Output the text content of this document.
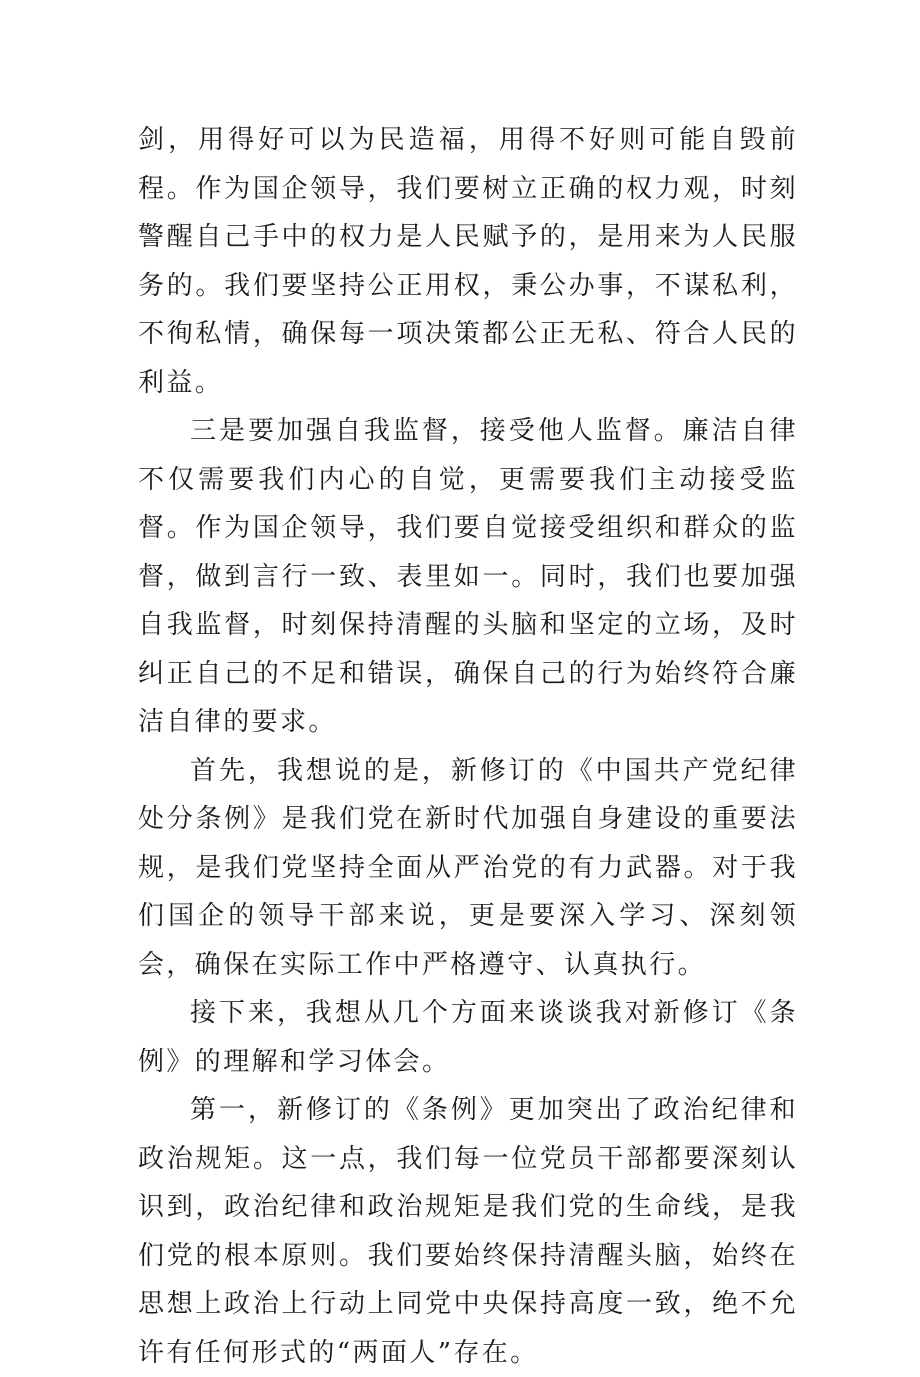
剑，用得好可以为民造福，用得不好则可能自毁前程。作为国企领导，我们要树立正确的权力观，时刻警醒自己手中的权力是人民赋予的，是用来为人民服务的。我们要坚持公正用权，秉公办事，不谋私利，不徇私情，确保每一项决策都公正无私、符合人民的利益。

三是要加强自我监督，接受他人监督。廉洁自律不仅需要我们内心的自觉，更需要我们主动接受监督。作为国企领导，我们要自觉接受组织和群众的监督，做到言行一致、表里如一。同时，我们也要加强自我监督，时刻保持清醒的头脑和坚定的立场，及时纠正自己的不足和错误，确保自己的行为始终符合廉洁自律的要求。

首先，我想说的是，新修订的《中国共产党纪律处分条例》是我们党在新时代加强自身建设的重要法规，是我们党坚持全面从严治党的有力武器。对于我们国企的领导干部来说，更是要深入学习、深刻领会，确保在实际工作中严格遵守、认真执行。

接下来，我想从几个方面来谈谈我对新修订《条例》的理解和学习体会。

第一，新修订的《条例》更加突出了政治纪律和政治规矩。这一点，我们每一位党员干部都要深刻认识到，政治纪律和政治规矩是我们党的生命线，是我们党的根本原则。我们要始终保持清醒头脑，始终在思想上政治上行动上同党中央保持高度一致，绝不允许有任何形式的“两面人”存在。
